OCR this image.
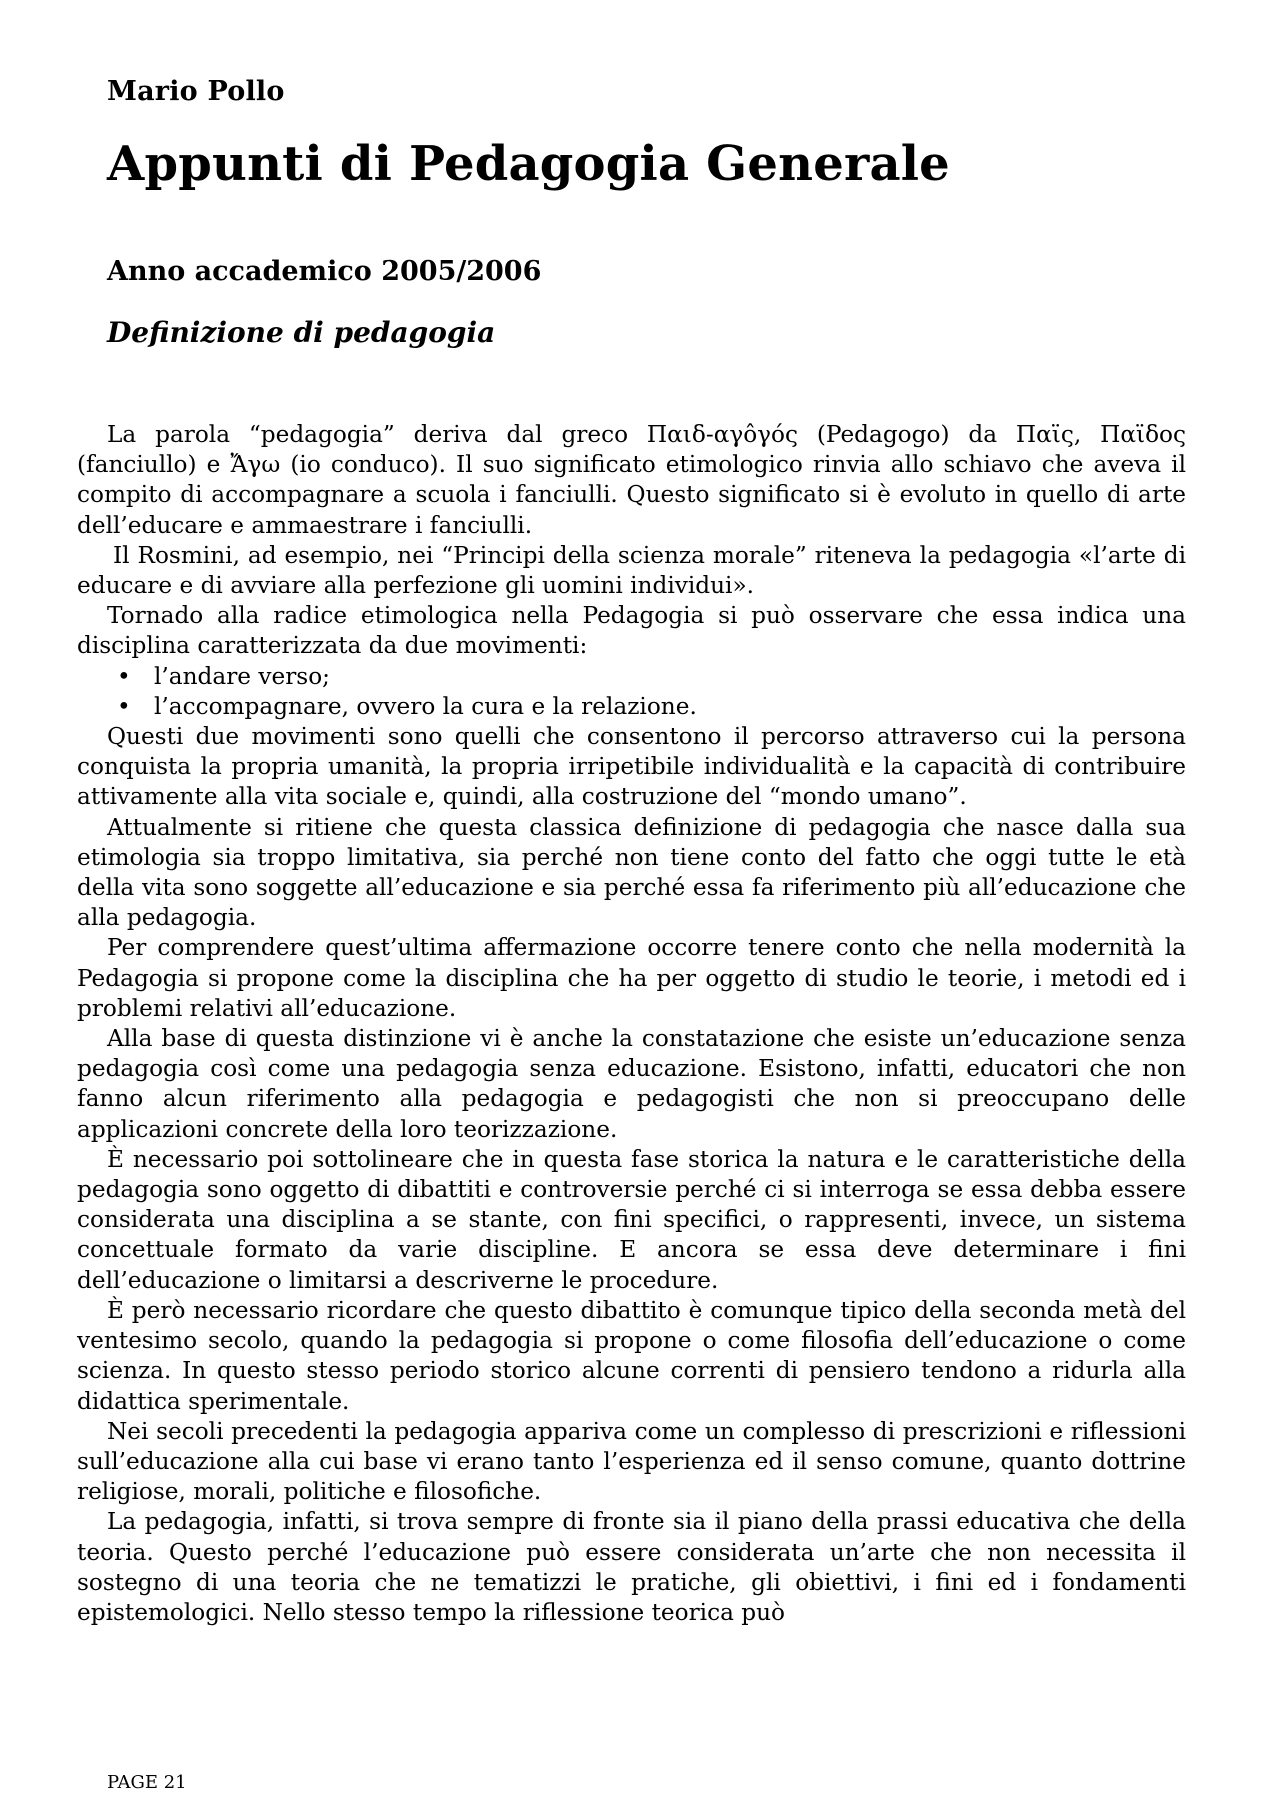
Mario Pollo
Appunti di Pedagogia Generale
Anno accademico 2005/2006
Definizione di pedagogia

La parola “pedagogia” deriva dal greco Παιδ-αγôγός (Pedagogo) da Παϊς, Παϊδος (fanciullo) e Ἄγω (io conduco). Il suo significato etimologico rinvia allo schiavo che aveva il compito di accompagnare a scuola i fanciulli. Questo significato si è evoluto in quello di arte dell’educare e ammaestrare i fanciulli.

Il Rosmini, ad esempio, nei “Principi della scienza morale” riteneva la pedagogia «l’arte di educare e di avviare alla perfezione gli uomini individui».

Tornado alla radice etimologica nella Pedagogia si può osservare che essa indica una disciplina caratterizzata da due movimenti:

• l’andare verso;
• l’accompagnare, ovvero la cura e la relazione.

Questi due movimenti sono quelli che consentono il percorso attraverso cui la persona conquista la propria umanità, la propria irripetibile individualità e la capacità di contribuire attivamente alla vita sociale e, quindi, alla costruzione del “mondo umano”.

Attualmente si ritiene che questa classica definizione di pedagogia che nasce dalla sua etimologia sia troppo limitativa, sia perché non tiene conto del fatto che oggi tutte le età della vita sono soggette all’educazione e sia perché essa fa riferimento più all’educazione che alla pedagogia.

Per comprendere quest’ultima affermazione occorre tenere conto che nella modernità la Pedagogia si propone come la disciplina che ha per oggetto di studio le teorie, i metodi ed i problemi relativi all’educazione.

Alla base di questa distinzione vi è anche la constatazione che esiste un’educazione senza pedagogia così come una pedagogia senza educazione. Esistono, infatti, educatori che non fanno alcun riferimento alla pedagogia e pedagogisti che non si preoccupano delle applicazioni concrete della loro teorizzazione.

È necessario poi sottolineare che in questa fase storica la natura e le caratteristiche della pedagogia sono oggetto di dibattiti e controversie perché ci si interroga se essa debba essere considerata una disciplina a se stante, con fini specifici, o rappresenti, invece, un sistema concettuale formato da varie discipline. E ancora se essa deve determinare i fini dell’educazione o limitarsi a descriverne le procedure.

È però necessario ricordare che questo dibattito è comunque tipico della seconda metà del ventesimo secolo, quando la pedagogia si propone o come filosofia dell’educazione o come scienza. In questo stesso periodo storico alcune correnti di pensiero tendono a ridurla alla didattica sperimentale.

Nei secoli precedenti la pedagogia appariva come un complesso di prescrizioni e riflessioni sull’educazione alla cui base vi erano tanto l’esperienza ed il senso comune, quanto dottrine religiose, morali, politiche e filosofiche.

La pedagogia, infatti, si trova sempre di fronte sia il piano della prassi educativa che della teoria. Questo perché l’educazione può essere considerata un’arte che non necessita il sostegno di una teoria che ne tematizzi le pratiche, gli obiettivi, i fini ed i fondamenti epistemologici. Nello stesso tempo la riflessione teorica può

PAGE 21
